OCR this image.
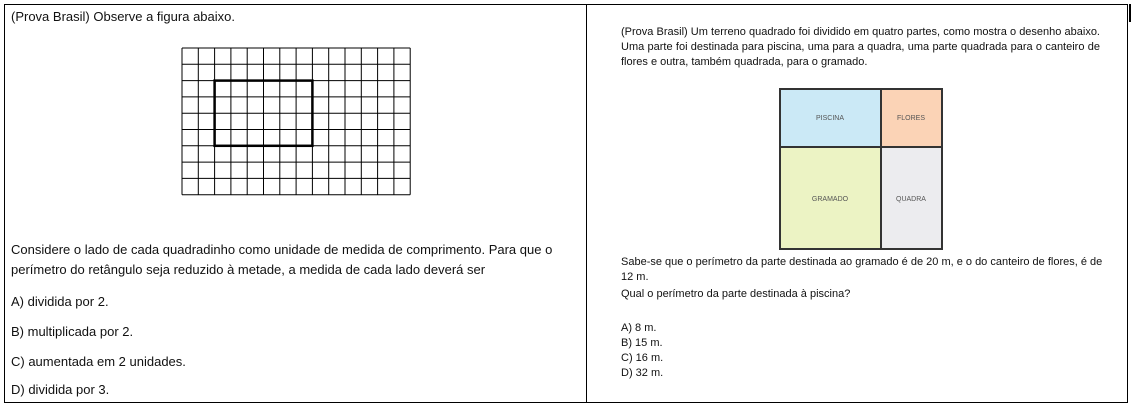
(Prova Brasil) Observe a figura abaixo.
Considere o lado de cada quadradinho como unidade de medida de comprimento. Para que o perímetro do retângulo seja reduzido à metade, a medida de cada lado deverá ser
A) dividida por 2.
B) multiplicada por 2.
C) aumentada em 2 unidades.
D) dividida por 3.
(Prova Brasil) Um terreno quadrado foi dividido em quatro partes, como mostra o desenho abaixo. Uma parte foi destinada para piscina, uma para a quadra, uma parte quadrada para o canteiro de flores e outra, também quadrada, para o gramado.
PISCINA	FLORES
GRAMADO	QUADRA
Sabe-se que o perímetro da parte destinada ao gramado é de 20 m, e o do canteiro de flores, é de 12 m.
Qual o perímetro da parte destinada à piscina?
A) 8 m.
B) 15 m.
C) 16 m.
D) 32 m.
